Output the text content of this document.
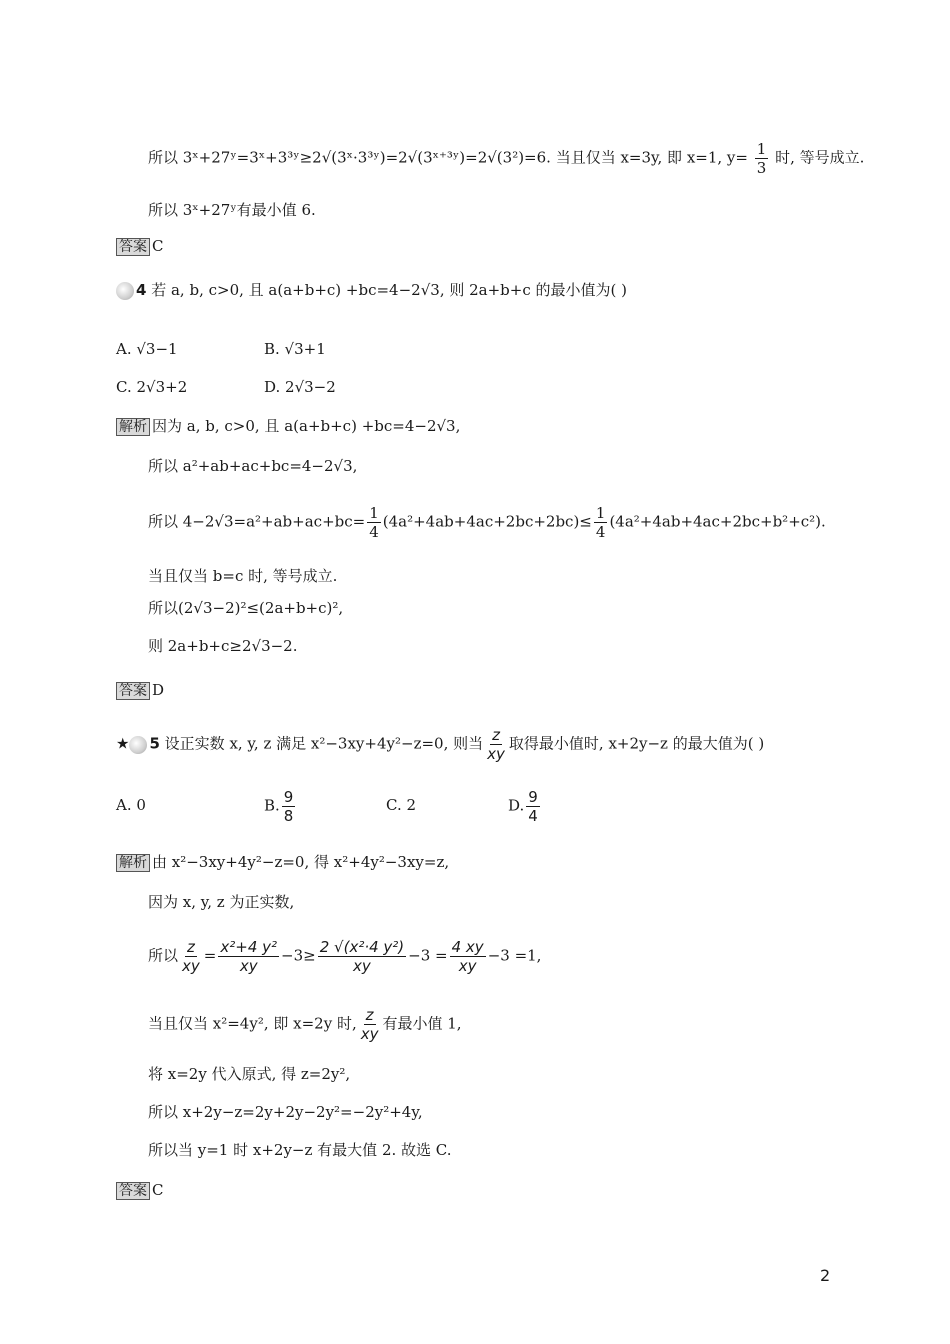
所以 3ˣ+27ʸ=3ˣ+3³ʸ≥2√(3ˣ·3³ʸ)=2√(3ˣ⁺³ʸ)=2√(3²)=6. 当且仅当 x=3y, 即 x=1, $y= \frac{1}{3}$ 时, 等号成立.
所以 3ˣ+27ʸ有最小值 6.
答案 C
4 若 a, b, c>0, 且 a(a+b+c) +bc=4−2√3, 则 2a+b+c 的最小值为( )
A. √3−1	B. √3+1
C. 2√3+2	D. 2√3−2
解析 因为 a, b, c>0, 且 a(a+b+c) +bc=4−2√3,
所以 a²+ab+ac+bc=4−2√3,
所以 $4-2√3=a^2+ab+ac+bc= \frac{1}{4} (4a^2+4ab+4ac+2bc+2bc)\le \frac{1}{4} (4a^2+4ab+4ac+2bc+b^2+c^2)$.
当且仅当 b=c 时, 等号成立.
所以(2√3−2)²≤(2a+b+c)²,
则 2a+b+c≥2√3−2.
答案 D
★ 5 设正实数 x, y, z 满足 x²−3xy+4y²−z=0, 则当 $\frac{z}{xy}$ 取得最小值时, x+2y−z 的最大值为( )
A. 0	B. $\frac{9}{8}$	C. 2	D. $\frac{9}{4}$
解析 由 x²−3xy+4y²−z=0, 得 x²+4y²−3xy=z,
因为 x, y, z 为正实数,
所以 $\frac{z}{xy} = \frac{\text{x²+4 y²}}{xy} -3\ge \frac{\text{2 √(x²·4 y²)}}{xy} -3 = \frac{4 xy}{xy} -3 =1$,
当且仅当 x²=4y², 即 x=2y 时, $\frac{z}{xy}$ 有最小值 1,
将 x=2y 代入原式, 得 z=2y²,
所以 x+2y−z=2y+2y−2y²=−2y²+4y,
所以当 y=1 时 x+2y−z 有最大值 2. 故选 C.
答案 C
2
